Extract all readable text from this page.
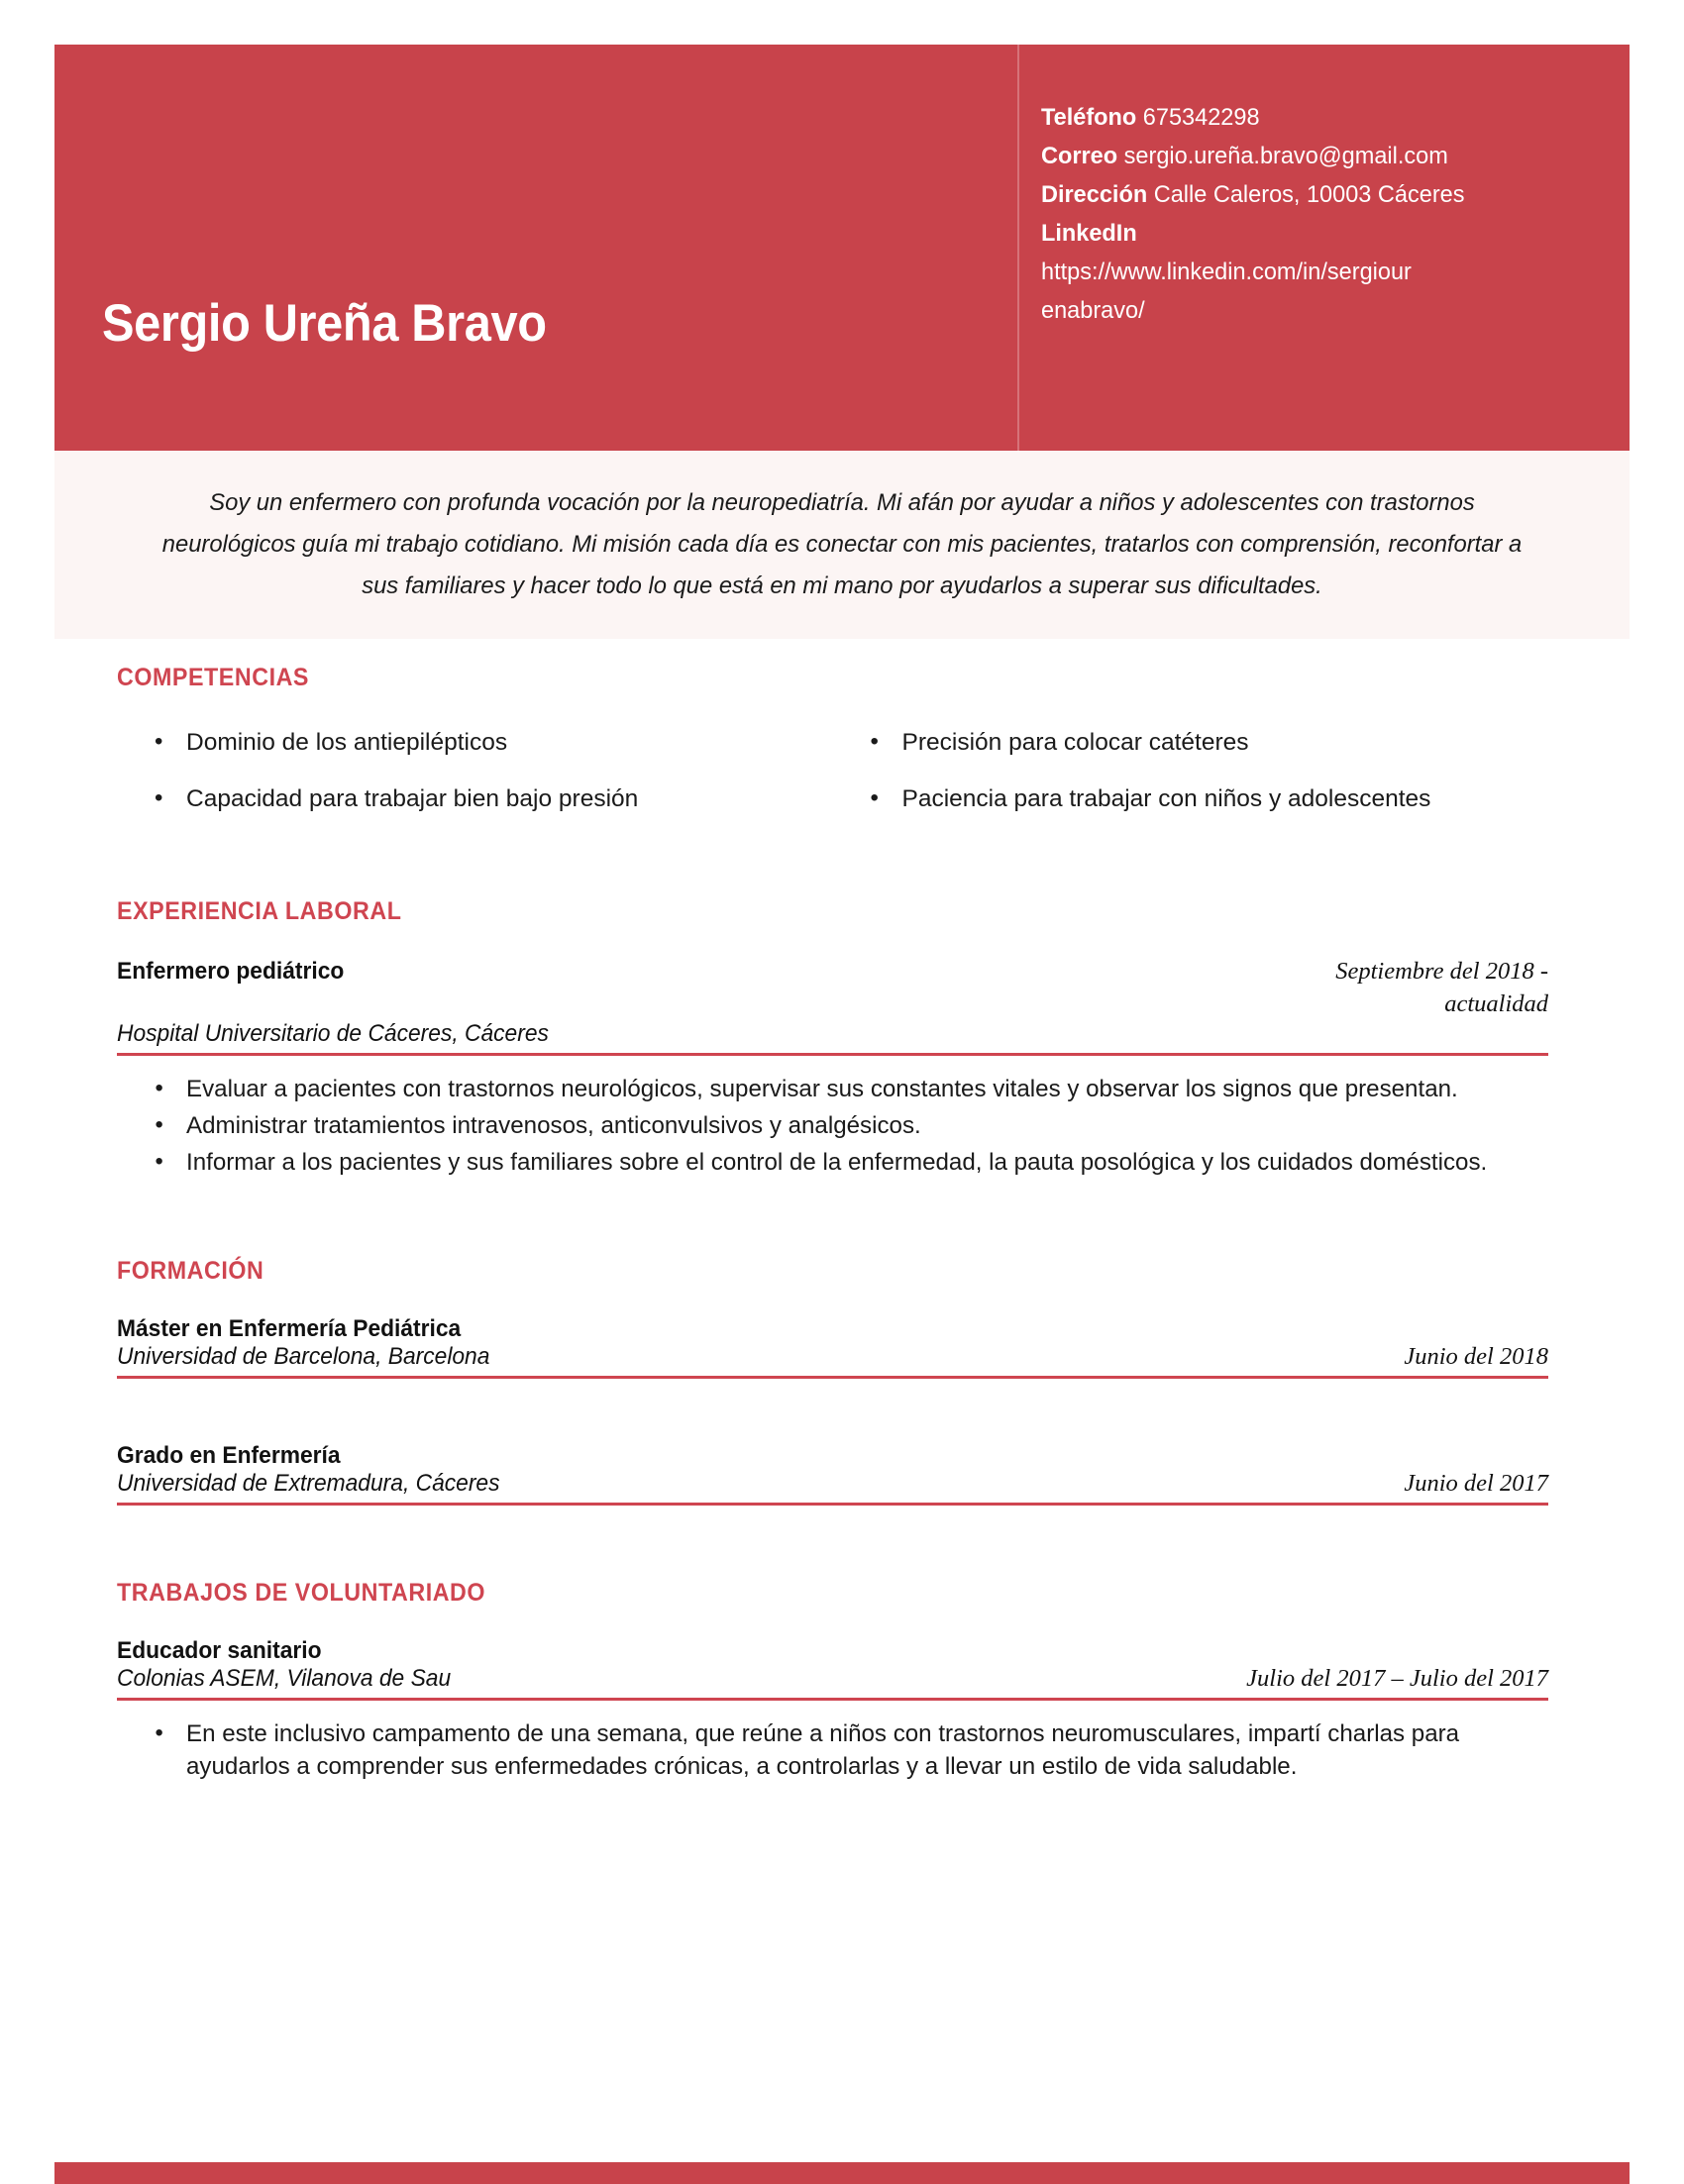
Sergio Ureña Bravo
Teléfono 675342298
Correo sergio.ureña.bravo@gmail.com
Dirección Calle Caleros, 10003 Cáceres
LinkedIn
https://www.linkedin.com/in/sergiourenabravo/
Soy un enfermero con profunda vocación por la neuropediatría. Mi afán por ayudar a niños y adolescentes con trastornos neurológicos guía mi trabajo cotidiano. Mi misión cada día es conectar con mis pacientes, tratarlos con comprensión, reconfortar a sus familiares y hacer todo lo que está en mi mano por ayudarlos a superar sus dificultades.
COMPETENCIAS
• Dominio de los antiepilépticos
• Capacidad para trabajar bien bajo presión
• Precisión para colocar catéteres
• Paciencia para trabajar con niños y adolescentes
EXPERIENCIA LABORAL
Enfermero pediátrico	Septiembre del 2018 - actualidad
Hospital Universitario de Cáceres, Cáceres
• Evaluar a pacientes con trastornos neurológicos, supervisar sus constantes vitales y observar los signos que presentan.
• Administrar tratamientos intravenosos, anticonvulsivos y analgésicos.
• Informar a los pacientes y sus familiares sobre el control de la enfermedad, la pauta posológica y los cuidados domésticos.
FORMACIÓN
Máster en Enfermería Pediátrica
Universidad de Barcelona, Barcelona	Junio del 2018
Grado en Enfermería
Universidad de Extremadura, Cáceres	Junio del 2017
TRABAJOS DE VOLUNTARIADO
Educador sanitario
Colonias ASEM, Vilanova de Sau	Julio del 2017 – Julio del 2017
• En este inclusivo campamento de una semana, que reúne a niños con trastornos neuromusculares, impartí charlas para ayudarlos a comprender sus enfermedades crónicas, a controlarlas y a llevar un estilo de vida saludable.
